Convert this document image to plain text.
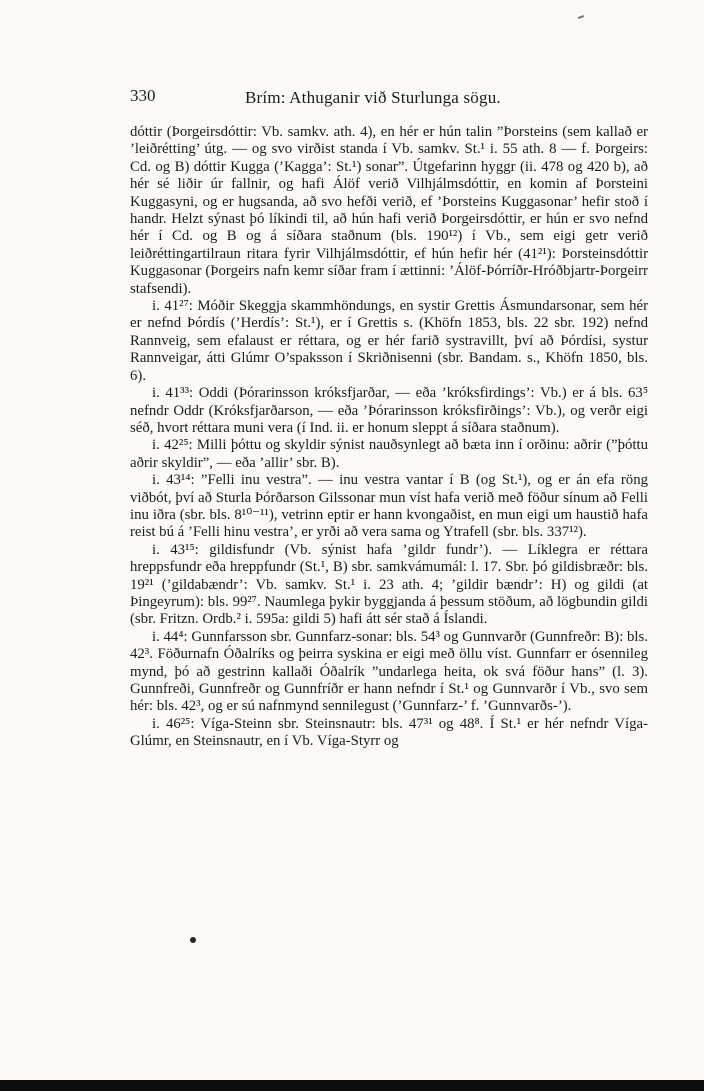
330	Brím: Athuganir við Sturlunga sögu.

dóttir (Þorgeirsdóttir: Vb. samkv. ath. 4), en hér er hún talin ”Þorsteins (sem kallað er ’leiðrétting’ útg. — og svo virðist standa í Vb. samkv. St.¹ i. 55 ath. 8 — f. Þorgeirs: Cd. og B) dóttir Kugga (’Kagga’: St.¹) sonar”. Útgefarinn hyggr (ii. 478 og 420 b), að hér sé liðir úr fallnir, og hafi Álöf verið Vilhjálmsdóttir, en komin af Þorsteini Kuggasyni, og er hugsanda, að svo hefði verið, ef ’Þorsteins Kuggasonar’ hefir stoð í handr. Helzt sýnast þó líkindi til, að hún hafi verið Þorgeirsdóttir, er hún er svo nefnd hér í Cd. og B og á síðara staðnum (bls. 190¹²) í Vb., sem eigi getr verið leiðréttingartilraun ritara fyrir Vilhjálmsdóttir, ef hún hefir hér (41²¹): Þorsteinsdóttir Kuggasonar (Þorgeirs nafn kemr síðar fram í ættinni: ’Álöf-Þórríðr-Hróðbjartr-Þorgeirr stafsendi).

i. 41²⁷: Móðir Skeggja skammhöndungs, en systir Grettis Ásmundarsonar, sem hér er nefnd Þórdís (’Herdís’: St.¹), er í Grettis s. (Khöfn 1853, bls. 22 sbr. 192) nefnd Rannveig, sem efalaust er réttara, og er hér farið systravillt, því að Þórdísi, systur Rannveigar, átti Glúmr O’spaksson í Skriðnisenni (sbr. Bandam. s., Khöfn 1850, bls. 6).

i. 41³³: Oddi (Þórarinsson króksfjarðar, — eða ’króksfirdings’: Vb.) er á bls. 63⁵ nefndr Oddr (Króksfjarðarson, — eða ’Þórarinsson króksfirðings’: Vb.), og verðr eigi séð, hvort réttara muni vera (í Ind. ii. er honum sleppt á síðara staðnum).

i. 42²⁵: Milli þóttu og skyldir sýnist nauðsynlegt að bæta inn í orðinu: aðrir (”þóttu aðrir skyldir”, — eða ’allir’ sbr. B).

i. 43¹⁴: ”Felli inu vestra”. — inu vestra vantar í B (og St.¹), og er án efa röng viðbót, því að Sturla Þórðarson Gilssonar mun víst hafa verið með föður sínum að Felli inu iðra (sbr. bls. 8¹⁰⁻¹¹), vetrinn eptir er hann kvongaðist, en mun eigi um haustið hafa reist bú á ’Felli hinu vestra’, er yrði að vera sama og Ytrafell (sbr. bls. 337¹²).

i. 43¹⁵: gildisfundr (Vb. sýnist hafa ’gildr fundr’). — Líklegra er réttara hreppsfundr eða hreppfundr (St.¹, B) sbr. samkvámumál: l. 17. Sbr. þó gildisbræðr: bls. 19²¹ (’gildabændr’: Vb. samkv. St.¹ i. 23 ath. 4; ’gildir bændr’: H) og gildi (at Þingeyrum): bls. 99²⁷. Naumlega þykir byggjanda á þessum stöðum, að lögbundin gildi (sbr. Fritzn. Ordb.² i. 595a: gildi 5) hafi átt sér stað á Íslandi.

i. 44⁴: Gunnfarsson sbr. Gunnfarz-sonar: bls. 54³ og Gunnvarðr (Gunnfreðr: B): bls. 42³. Föðurnafn Óðalríks og þeirra syskina er eigi með öllu víst. Gunnfarr er ósennileg mynd, þó að gestrinn kallaði Óðalrík ”undarlega heita, ok svá föður hans” (l. 3). Gunnfreði, Gunnfreðr og Gunnfríðr er hann nefndr í St.¹ og Gunnvarðr í Vb., svo sem hér: bls. 42³, og er sú nafnmynd sennilegust (’Gunnfarz-’ f. ’Gunnvarðs-’).

i. 46²⁵: Víga-Steinn sbr. Steinsnautr: bls. 47³¹ og 48⁸. Í St.¹ er hér nefndr Víga-Glúmr, en Steinsnautr, en í Vb. Víga-Styrr og
